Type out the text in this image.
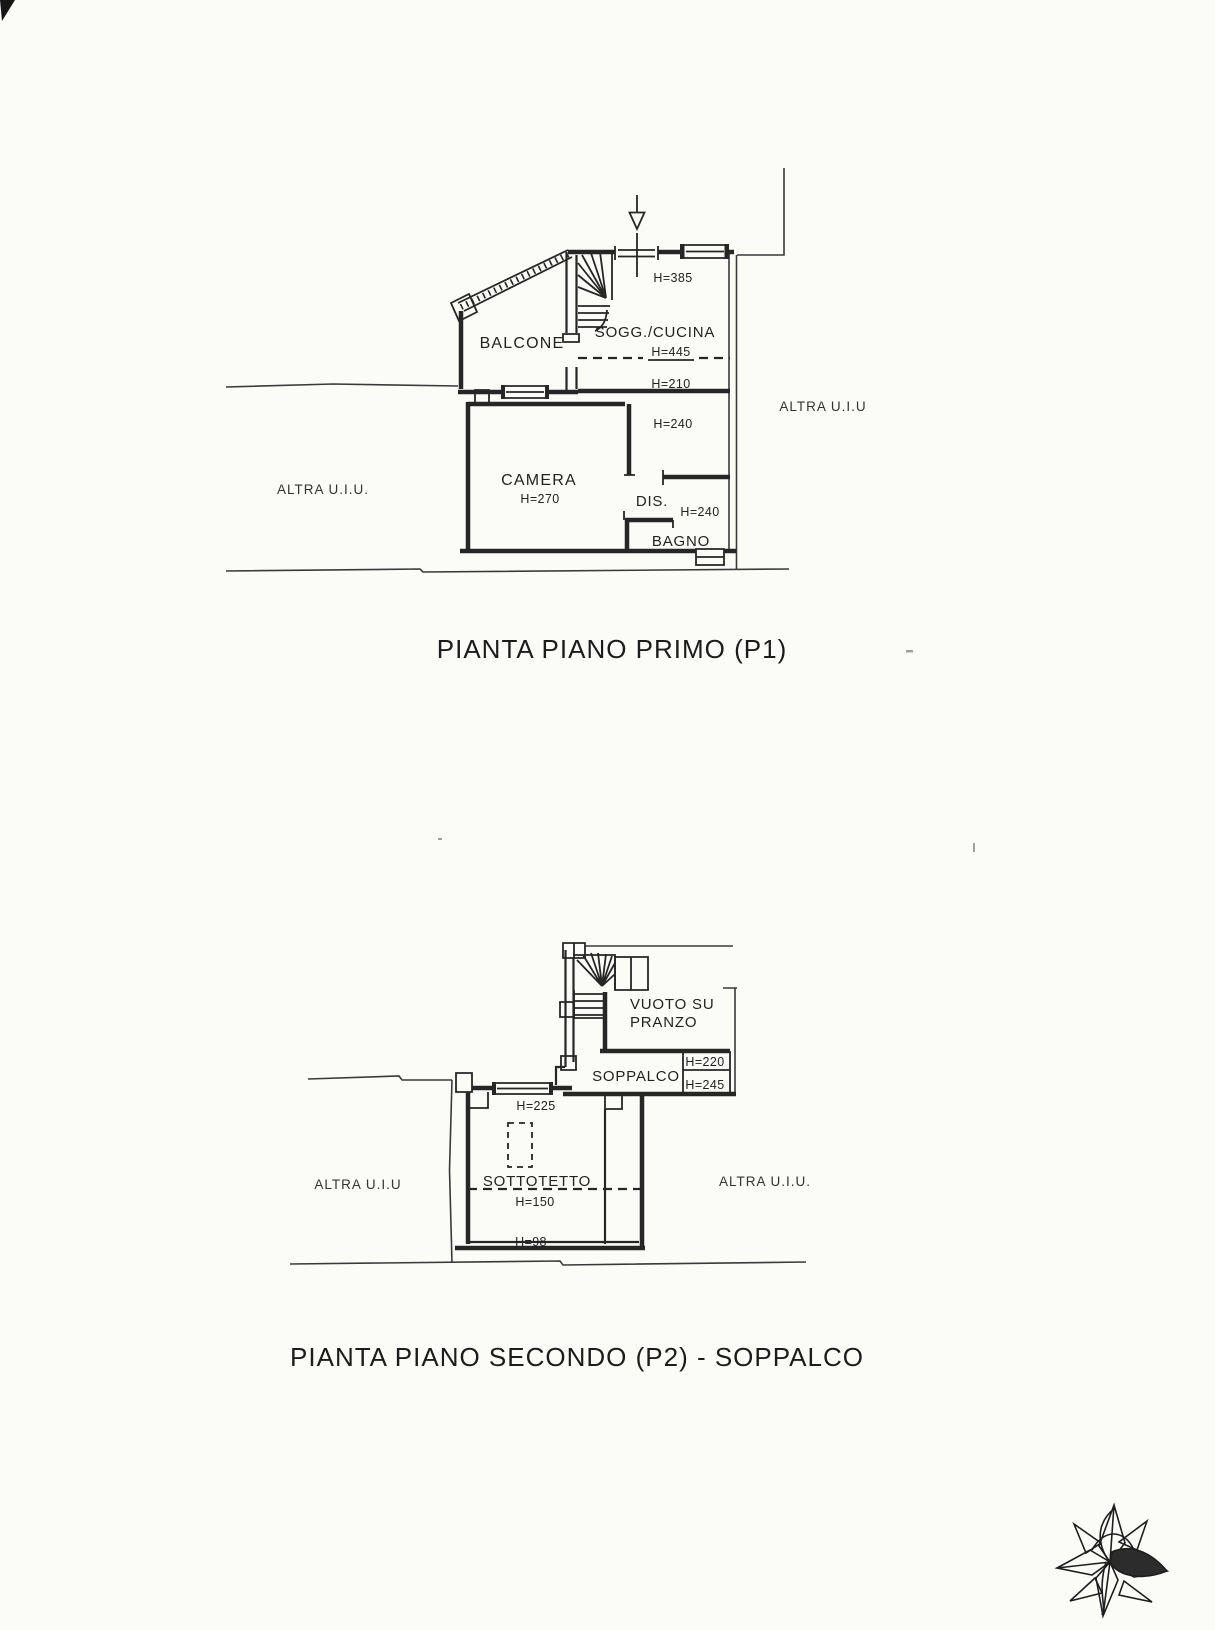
BALCONE
SOGG./CUCINA
H=385
H=445
H=210
H=240
CAMERA
H=270	DIS.
H=240
BAGNO
ALTRA U.I.U.
ALTRA U.I.U
PIANTA PIANO PRIMO (P1)
VUOTO SU
PRANZO
H=220
SOPPALCO H=245
H=225
SOTTOTETTO
H=150
H=98
ALTRA U.I.U	ALTRA U.I.U.
PIANTA PIANO SECONDO (P2) - SOPPALCO
